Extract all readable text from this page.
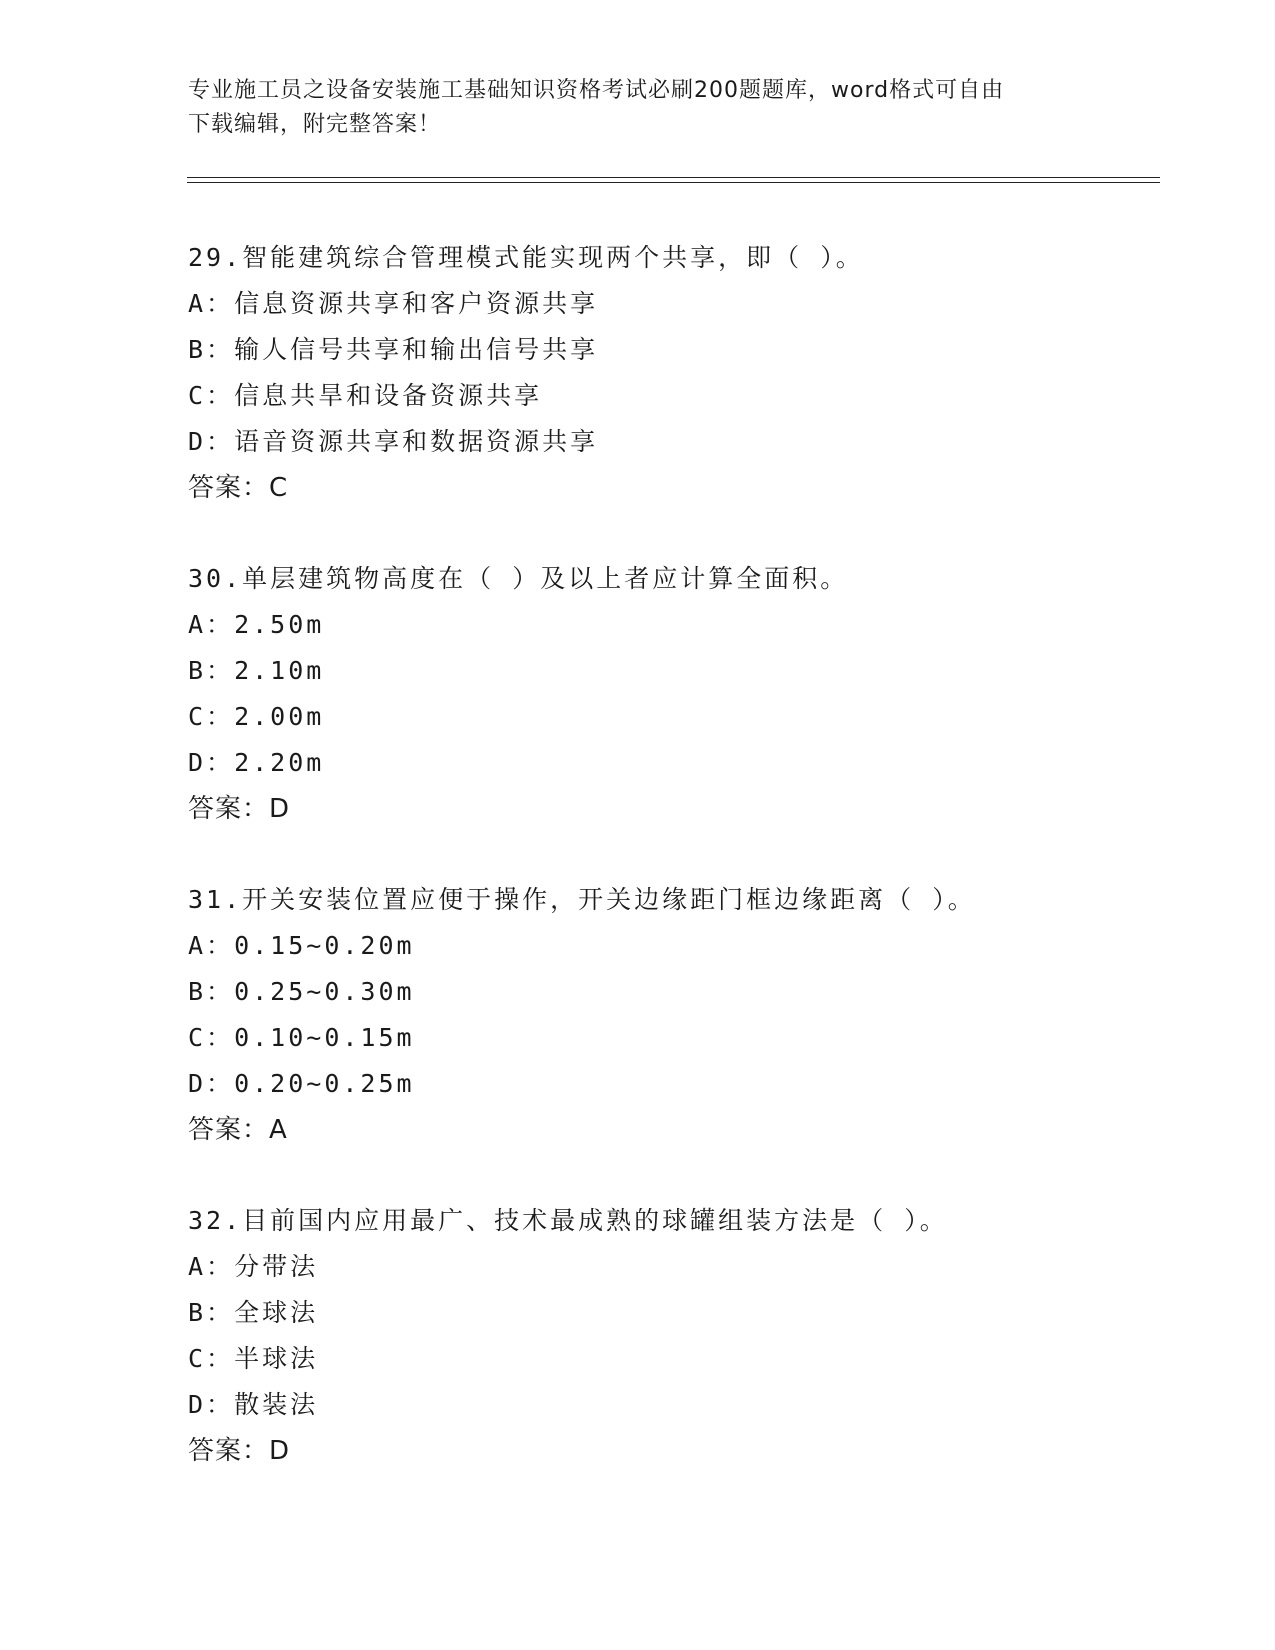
专业施工员之设备安装施工基础知识资格考试必刷200题题库，word格式可自由
下载编辑，附完整答案！
29.智能建筑综合管理模式能实现两个共享，即（ ）。
A：信息资源共享和客户资源共享
B：输人信号共享和输出信号共享
C：信息共旱和设备资源共享
D：语音资源共享和数据资源共享
答案：C
30.单层建筑物高度在（ ）及以上者应计算全面积。
A：2.50m
B：2.10m
C：2.00m
D：2.20m
答案：D
31.开关安装位置应便于操作，开关边缘距门框边缘距离（ ）。
A：0.15~0.20m
B：0.25~0.30m
C：0.10~0.15m
D：0.20~0.25m
答案：A
32.目前国内应用最广、技术最成熟的球罐组装方法是（ ）。
A：分带法
B：全球法
C：半球法
D：散装法
答案：D
